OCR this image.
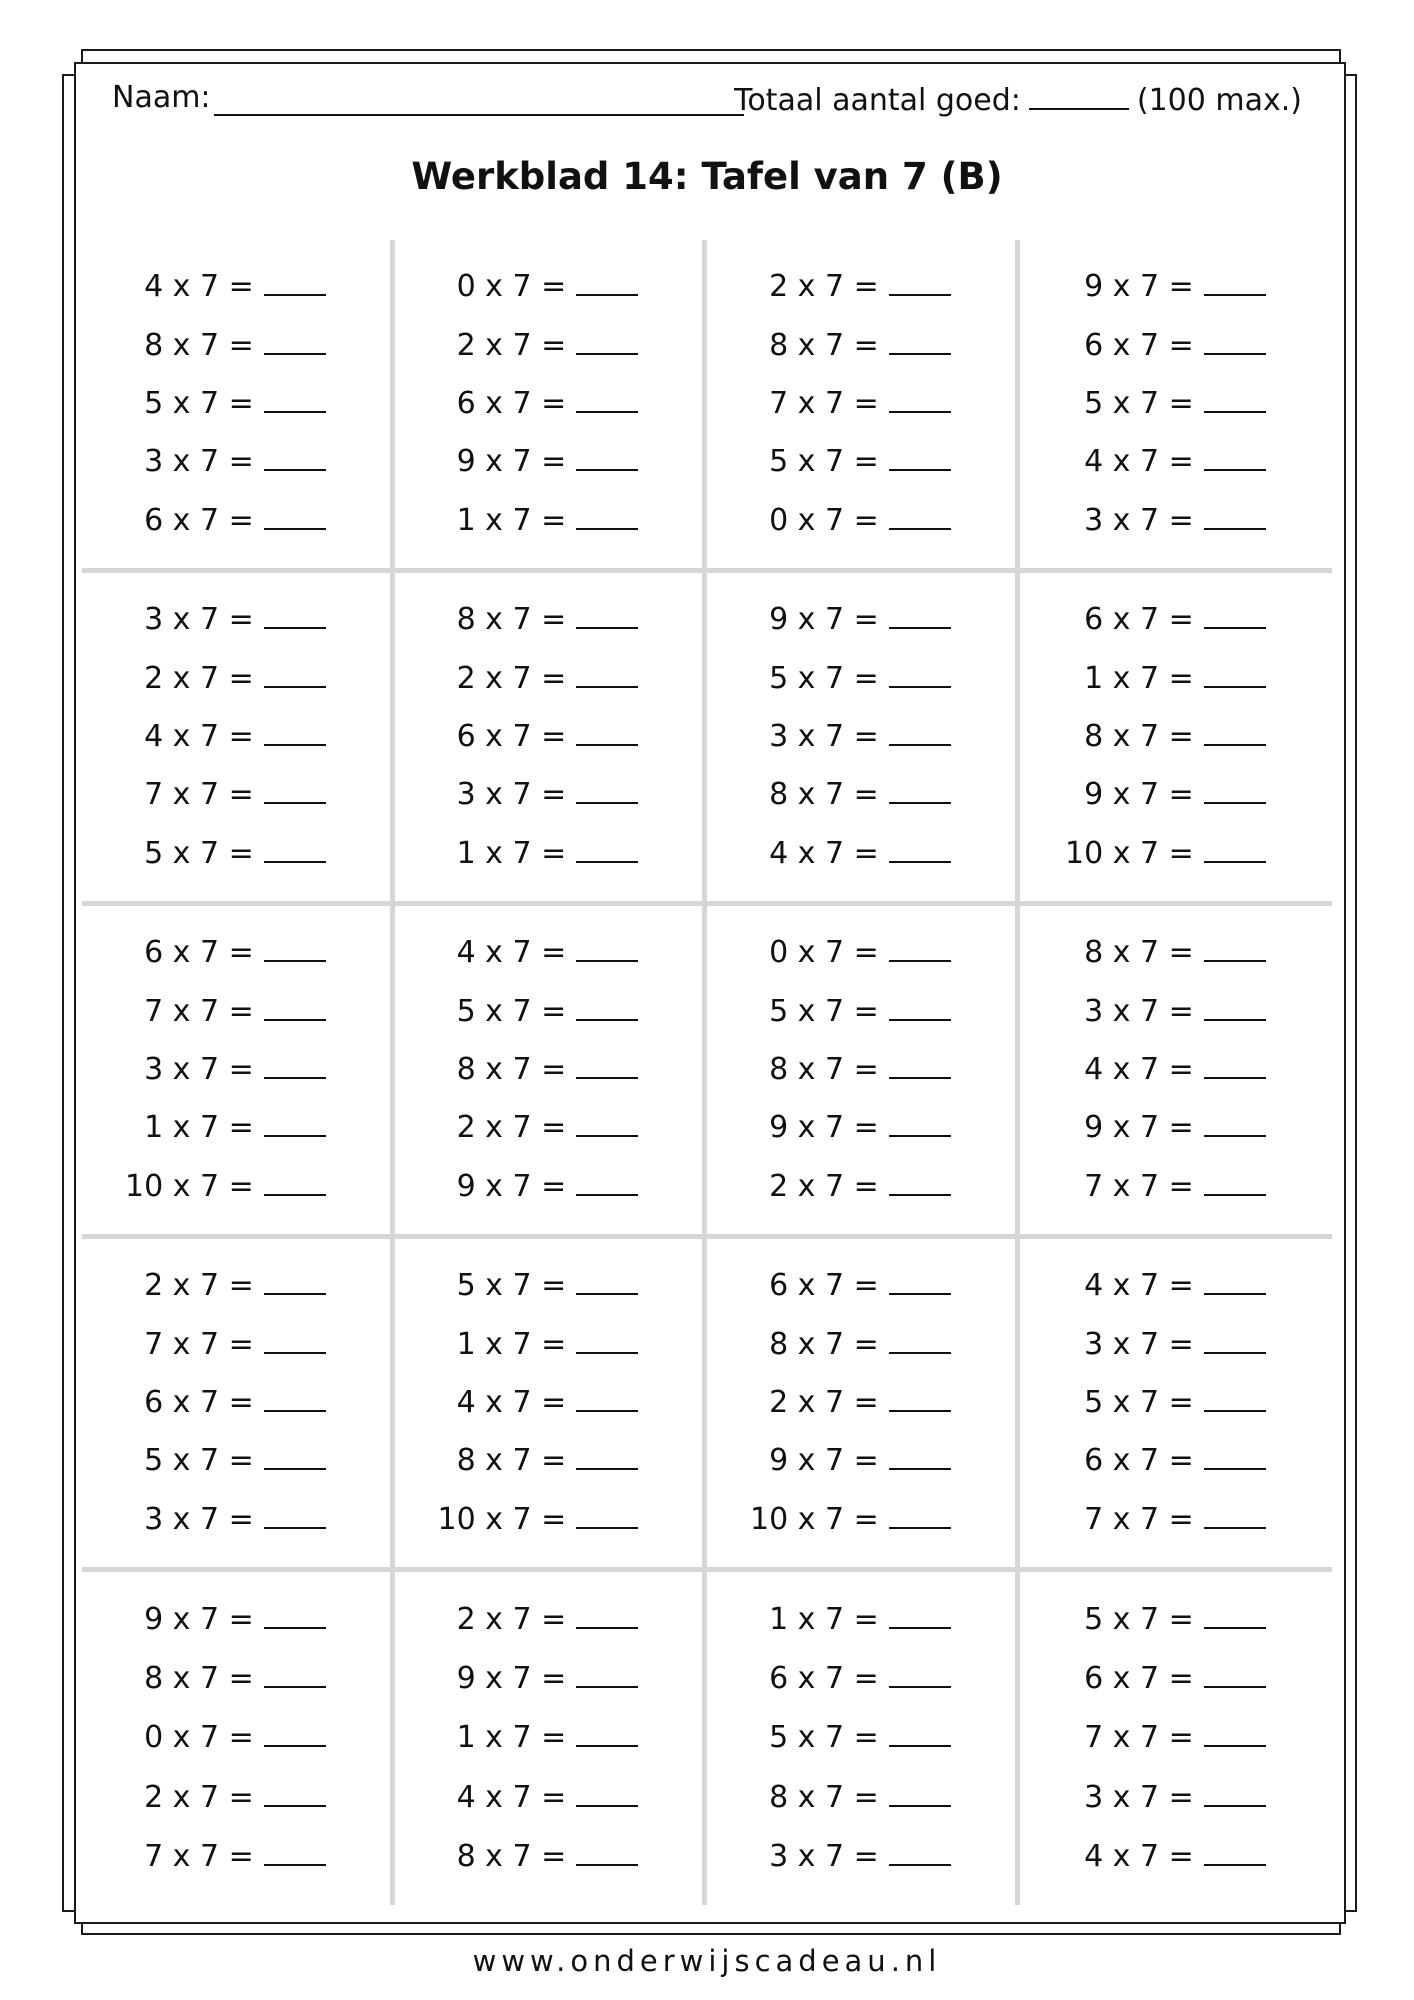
Naam:	Totaal aantal goed:	(100 max.)
Werkblad 14: Tafel van 7 (B)
4 x 7 =
8 x 7 =
5 x 7 =
3 x 7 =
6 x 7 =
0 x 7 =
2 x 7 =
6 x 7 =
9 x 7 =
1 x 7 =
2 x 7 =
8 x 7 =
7 x 7 =
5 x 7 =
0 x 7 =
9 x 7 =
6 x 7 =
5 x 7 =
4 x 7 =
3 x 7 =
3 x 7 =
2 x 7 =
4 x 7 =
7 x 7 =
5 x 7 =
8 x 7 =
2 x 7 =
6 x 7 =
3 x 7 =
1 x 7 =
9 x 7 =
5 x 7 =
3 x 7 =
8 x 7 =
4 x 7 =
6 x 7 =
1 x 7 =
8 x 7 =
9 x 7 =
10 x 7 =
6 x 7 =
7 x 7 =
3 x 7 =
1 x 7 =
10 x 7 =
4 x 7 =
5 x 7 =
8 x 7 =
2 x 7 =
9 x 7 =
0 x 7 =
5 x 7 =
8 x 7 =
9 x 7 =
2 x 7 =
8 x 7 =
3 x 7 =
4 x 7 =
9 x 7 =
7 x 7 =
2 x 7 =
7 x 7 =
6 x 7 =
5 x 7 =
3 x 7 =
5 x 7 =
1 x 7 =
4 x 7 =
8 x 7 =
10 x 7 =
6 x 7 =
8 x 7 =
2 x 7 =
9 x 7 =
10 x 7 =
4 x 7 =
3 x 7 =
5 x 7 =
6 x 7 =
7 x 7 =
9 x 7 =
8 x 7 =
0 x 7 =
2 x 7 =
7 x 7 =
2 x 7 =
9 x 7 =
1 x 7 =
4 x 7 =
8 x 7 =
1 x 7 =
6 x 7 =
5 x 7 =
8 x 7 =
3 x 7 =
5 x 7 =
6 x 7 =
7 x 7 =
3 x 7 =
4 x 7 =
www.onderwijscadeau.nl
